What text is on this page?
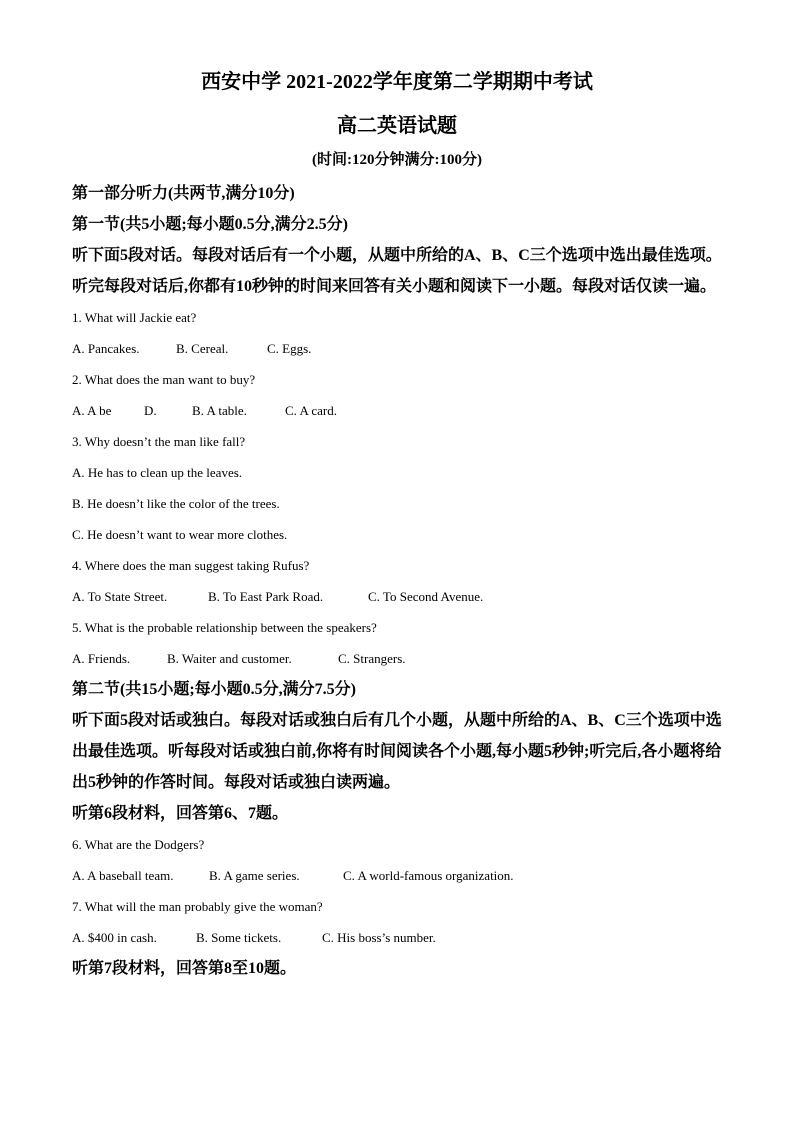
西安中学 2021-2022学年度第二学期期中考试
高二英语试题
(时间:120分钟满分:100分)

第一部分听力(共两节,满分10分)

第一节(共5小题;每小题0.5分,满分2.5分)

听下面5段对话。每段对话后有一个小题，从题中所给的A、B、C三个选项中选出最佳选项。听完每段对话后,你都有10秒钟的时间来回答有关小题和阅读下一小题。每段对话仅读一遍。

1. What will Jackie eat?

A. Pancakes.	B. Cereal.	C. Eggs.

2. What does the man want to buy?

A. A be	D.	B. A table.	C. A card.

3. Why doesn’t the man like fall?

A. He has to clean up the leaves.

B. He doesn’t like the color of the trees.

C. He doesn’t want to wear more clothes.

4. Where does the man suggest taking Rufus?

A. To State Street.	B. To East Park Road.	C. To Second Avenue.

5. What is the probable relationship between the speakers?

A. Friends.	B. Waiter and customer.	C. Strangers.

第二节(共15小题;每小题0.5分,满分7.5分)

听下面5段对话或独白。每段对话或独白后有几个小题，从题中所给的A、B、C三个选项中选出最佳选项。听每段对话或独白前,你将有时间阅读各个小题,每小题5秒钟;听完后,各小题将给出5秒钟的作答时间。每段对话或独白读两遍。

听第6段材料，回答第6、7题。

6. What are the Dodgers?

A. A baseball team.	B. A game series.	C. A world-famous organization.

7. What will the man probably give the woman?

A. $400 in cash.	B. Some tickets.	C. His boss’s number.

听第7段材料，回答第8至10题。
